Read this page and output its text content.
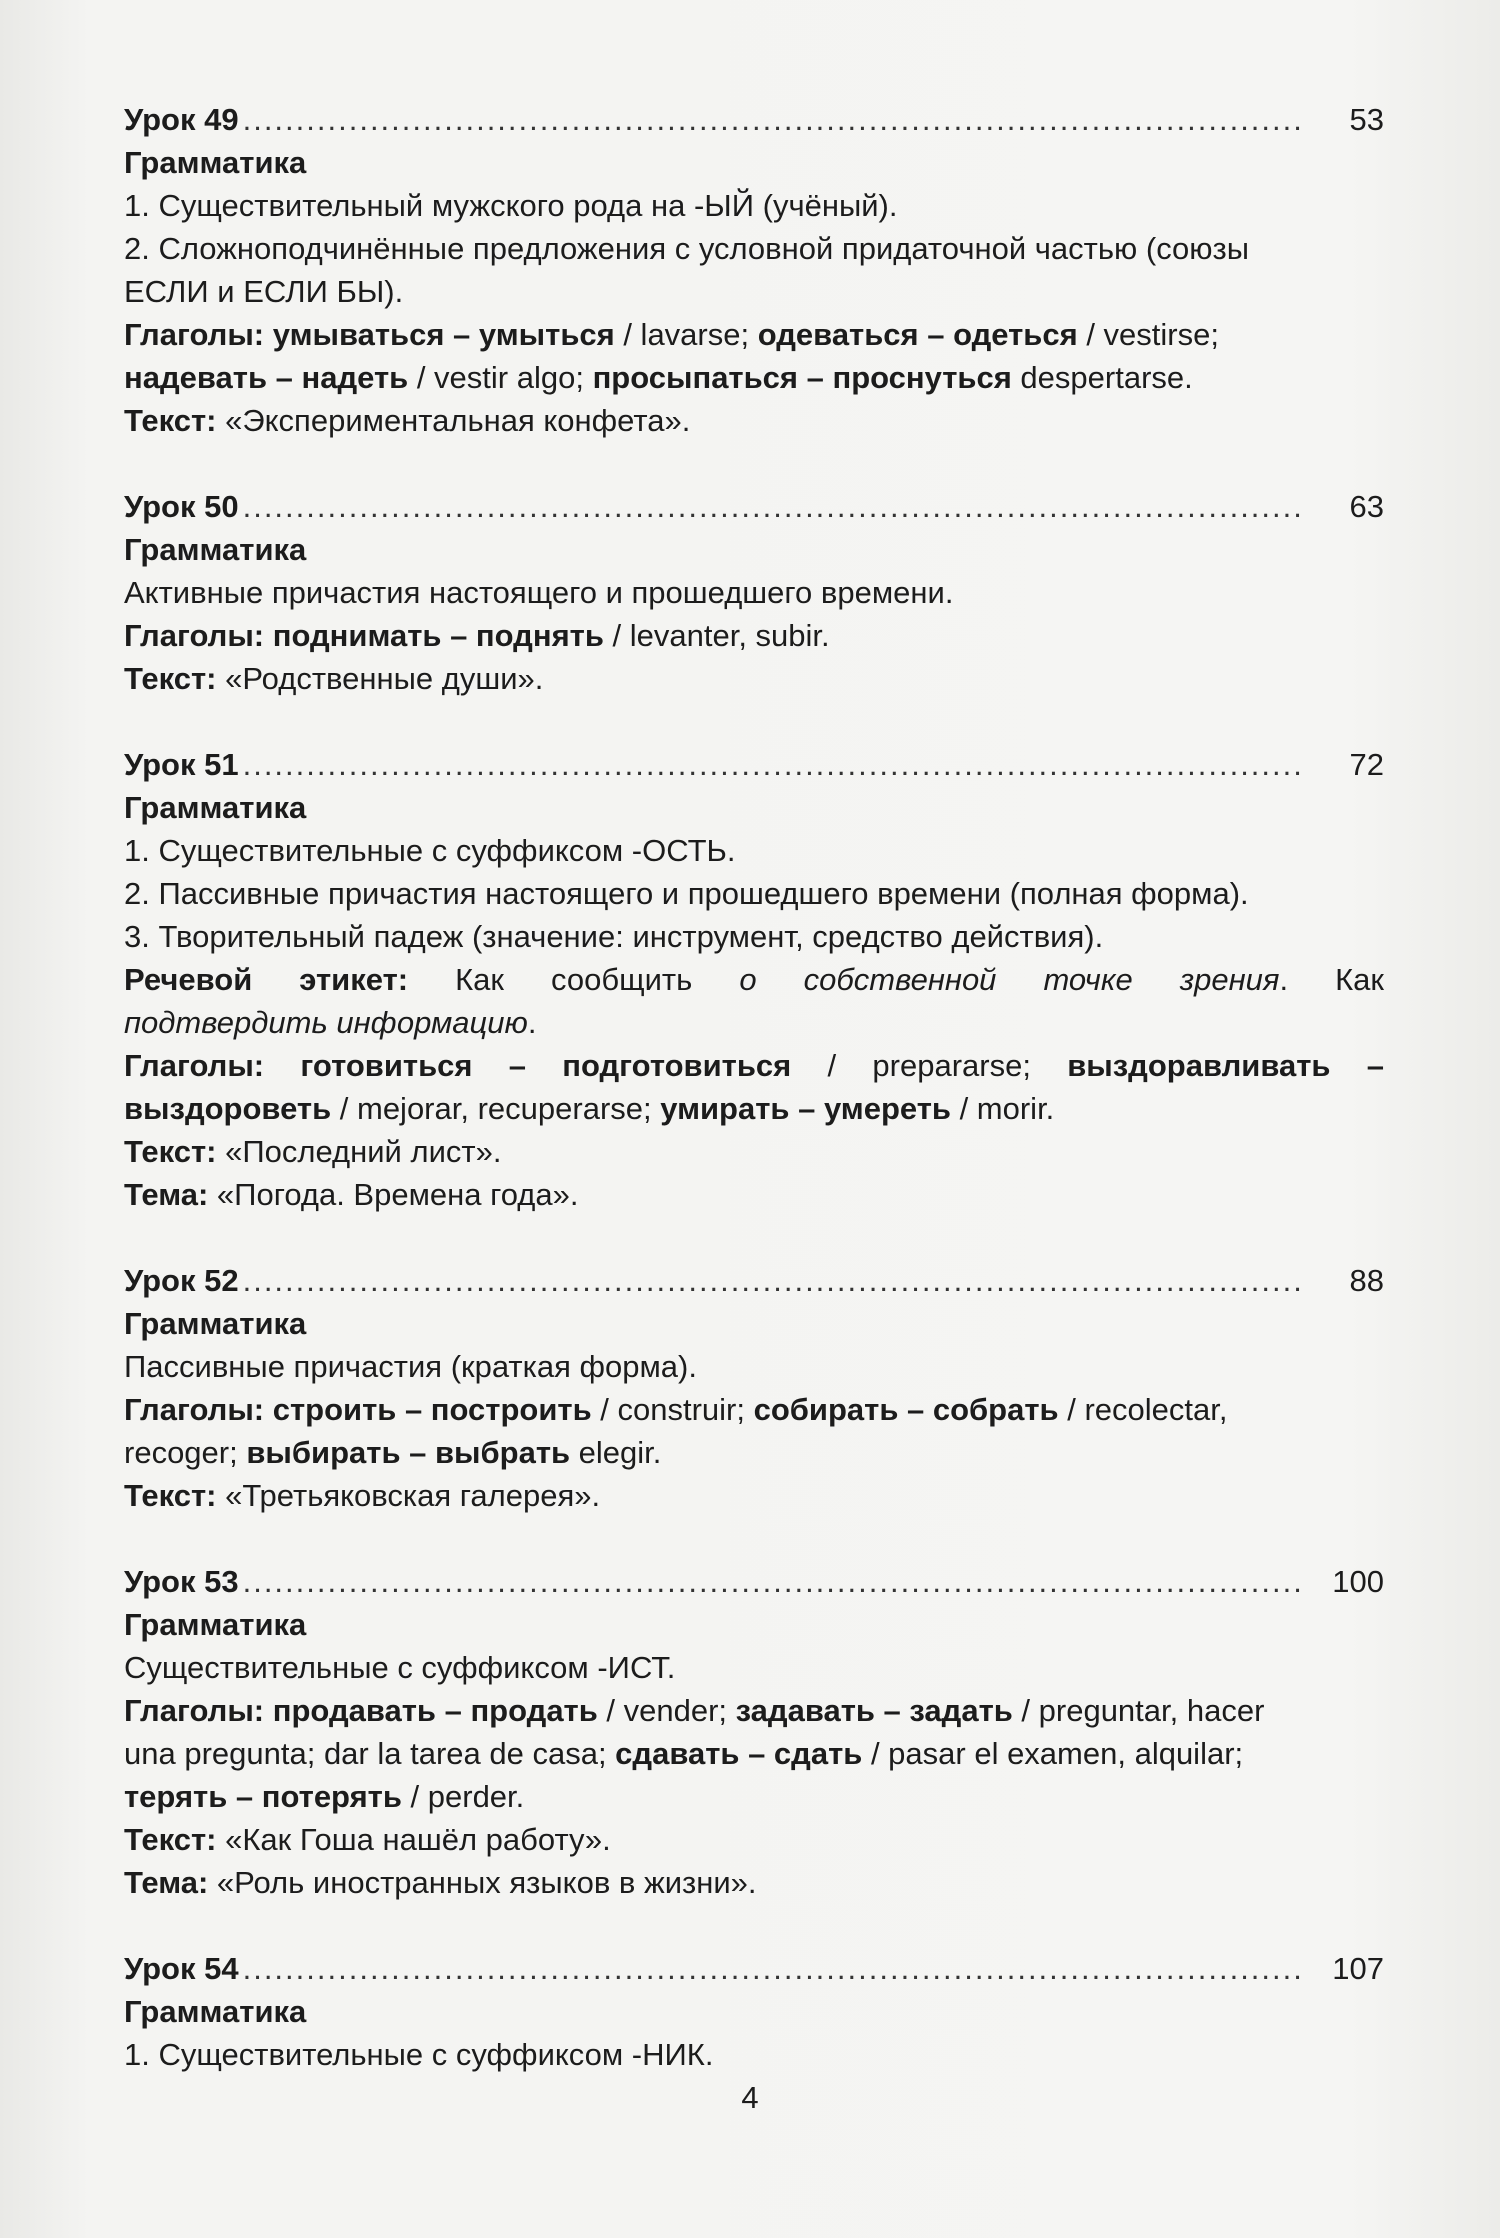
Урок 49 .....	53
Грамматика
1. Существительный мужского рода на -ЫЙ (учёный).
2. Сложноподчинённые предложения с условной придаточной частью (союзы
ЕСЛИ и ЕСЛИ БЫ).
Глаголы: умываться – умыться / lavarse; одеваться – одеться / vestirse;
надевать – надеть / vestir algo; просыпаться – проснуться despertarse.
Текст: «Экспериментальная конфета».
Урок 50 .....	63
Грамматика
Активные причастия настоящего и прошедшего времени.
Глаголы: поднимать – поднять / levanter, subir.
Текст: «Родственные души».
Урок 51 .....	72
Грамматика
1. Существительные с суффиксом -ОСТЬ.
2. Пассивные причастия настоящего и прошедшего времени (полная форма).
3. Творительный падеж (значение: инструмент, средство действия).
Речевой этикет: Как сообщить о собственной точке зрения. Как
подтвердить информацию.
Глаголы: готовиться – подготовиться / prepararse; выздоравливать –
выздороветь / mejorar, recuperarse; умирать – умереть / morir.
Текст: «Последний лист».
Тема: «Погода. Времена года».
Урок 52 .....	88
Грамматика
Пассивные причастия (краткая форма).
Глаголы: строить – построить / construir; собирать – собрать / recolectar,
recoger; выбирать – выбрать elegir.
Текст: «Третьяковская галерея».
Урок 53 .....	100
Грамматика
Существительные с суффиксом -ИСТ.
Глаголы: продавать – продать / vender; задавать – задать / preguntar, hacer
una pregunta; dar la tarea de casa; сдавать – сдать / pasar el examen, alquilar;
терять – потерять / perder.
Текст: «Как Гоша нашёл работу».
Тема: «Роль иностранных языков в жизни».
Урок 54 .....	107
Грамматика
1. Существительные с суффиксом -НИК.
4
